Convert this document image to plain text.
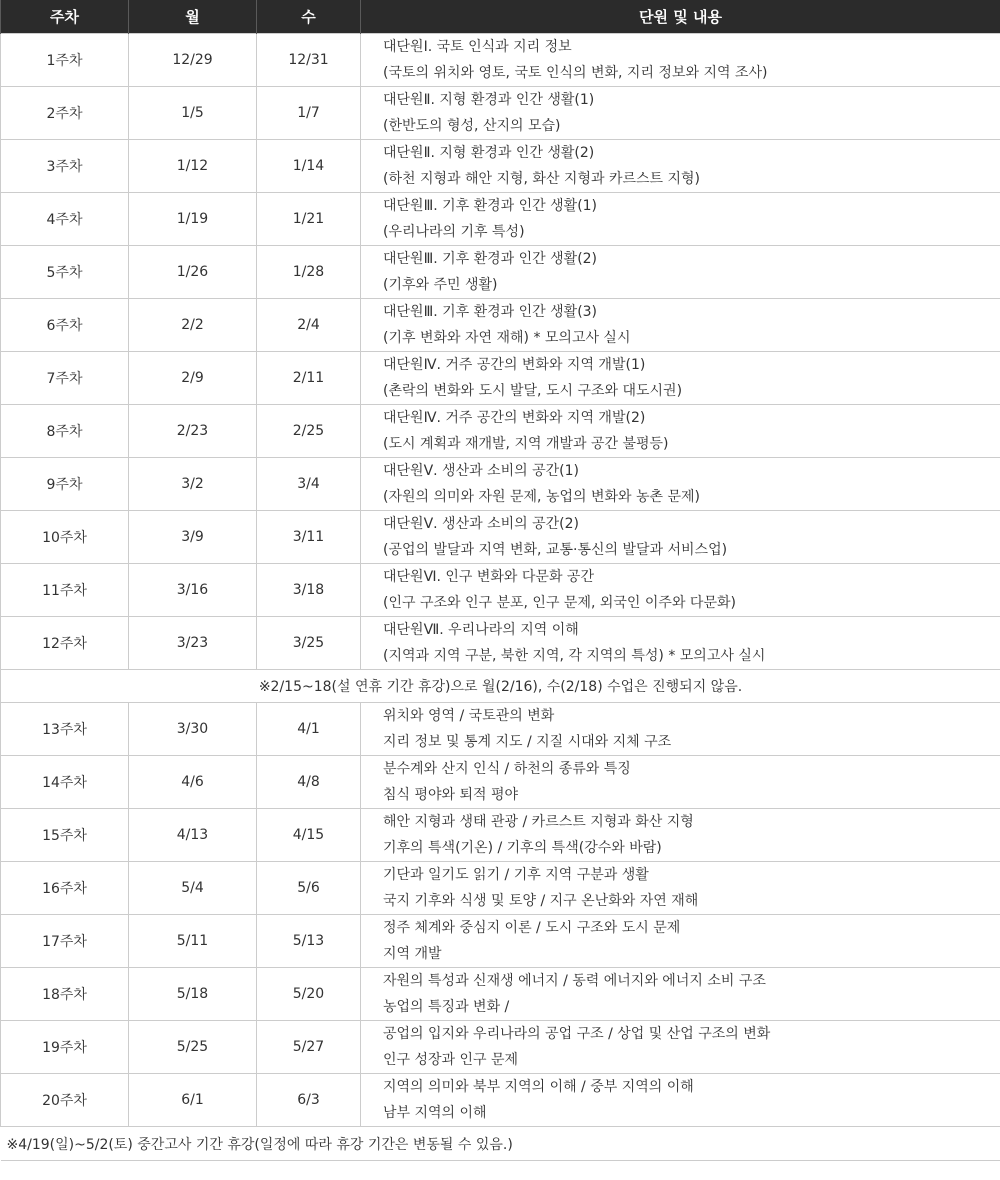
주차	월	수	단원 및 내용
1주차	12/29	12/31	대단원Ⅰ. 국토 인식과 지리 정보
(국토의 위치와 영토, 국토 인식의 변화, 지리 정보와 지역 조사)

2주차	1/5	1/7	대단원Ⅱ. 지형 환경과 인간 생활(1)
(한반도의 형성, 산지의 모습)

3주차	1/12	1/14	대단원Ⅱ. 지형 환경과 인간 생활(2)
(하천 지형과 해안 지형, 화산 지형과 카르스트 지형)

4주차	1/19	1/21	대단원Ⅲ. 기후 환경과 인간 생활(1)
(우리나라의 기후 특성)

5주차	1/26	1/28	대단원Ⅲ. 기후 환경과 인간 생활(2)
(기후와 주민 생활)

6주차	2/2	2/4	대단원Ⅲ. 기후 환경과 인간 생활(3)
(기후 변화와 자연 재해) * 모의고사 실시

7주차	2/9	2/11	대단원Ⅳ. 거주 공간의 변화와 지역 개발(1)
(촌락의 변화와 도시 발달, 도시 구조와 대도시권)

8주차	2/23	2/25	대단원Ⅳ. 거주 공간의 변화와 지역 개발(2)
(도시 계획과 재개발, 지역 개발과 공간 불평등)

9주차	3/2	3/4	대단원Ⅴ. 생산과 소비의 공간(1)
(자원의 의미와 자원 문제, 농업의 변화와 농촌 문제)

10주차	3/9	3/11	대단원Ⅴ. 생산과 소비의 공간(2)
(공업의 발달과 지역 변화, 교통·통신의 발달과 서비스업)

11주차	3/16	3/18	대단원Ⅵ. 인구 변화와 다문화 공간
(인구 구조와 인구 분포, 인구 문제, 외국인 이주와 다문화)

12주차	3/23	3/25	대단원Ⅶ. 우리나라의 지역 이해
(지역과 지역 구분, 북한 지역, 각 지역의 특성) * 모의고사 실시

※2/15~18(설 연휴 기간 휴강)으로 월(2/16), 수(2/18) 수업은 진행되지 않음.			
13주차	3/30	4/1	위치와 영역 / 국토관의 변화
지리 정보 및 통계 지도 / 지질 시대와 지체 구조

14주차	4/6	4/8	분수계와 산지 인식 / 하천의 종류와 특징
침식 평야와 퇴적 평야

15주차	4/13	4/15	해안 지형과 생태 관광 / 카르스트 지형과 화산 지형
기후의 특색(기온) / 기후의 특색(강수와 바람)

16주차	5/4	5/6	기단과 일기도 읽기 / 기후 지역 구분과 생활
국지 기후와 식생 및 토양 / 지구 온난화와 자연 재해

17주차	5/11	5/13	정주 체계와 중심지 이론 / 도시 구조와 도시 문제
지역 개발

18주차	5/18	5/20	자원의 특성과 신재생 에너지 / 동력 에너지와 에너지 소비 구조
농업의 특징과 변화 /

19주차	5/25	5/27	공업의 입지와 우리나라의 공업 구조 / 상업 및 산업 구조의 변화
인구 성장과 인구 문제

20주차	6/1	6/3	지역의 의미와 북부 지역의 이해 / 중부 지역의 이해
남부 지역의 이해

※4/19(일)~5/2(토) 중간고사 기간 휴강(일정에 따라 휴강 기간은 변동될 수 있음.)			
